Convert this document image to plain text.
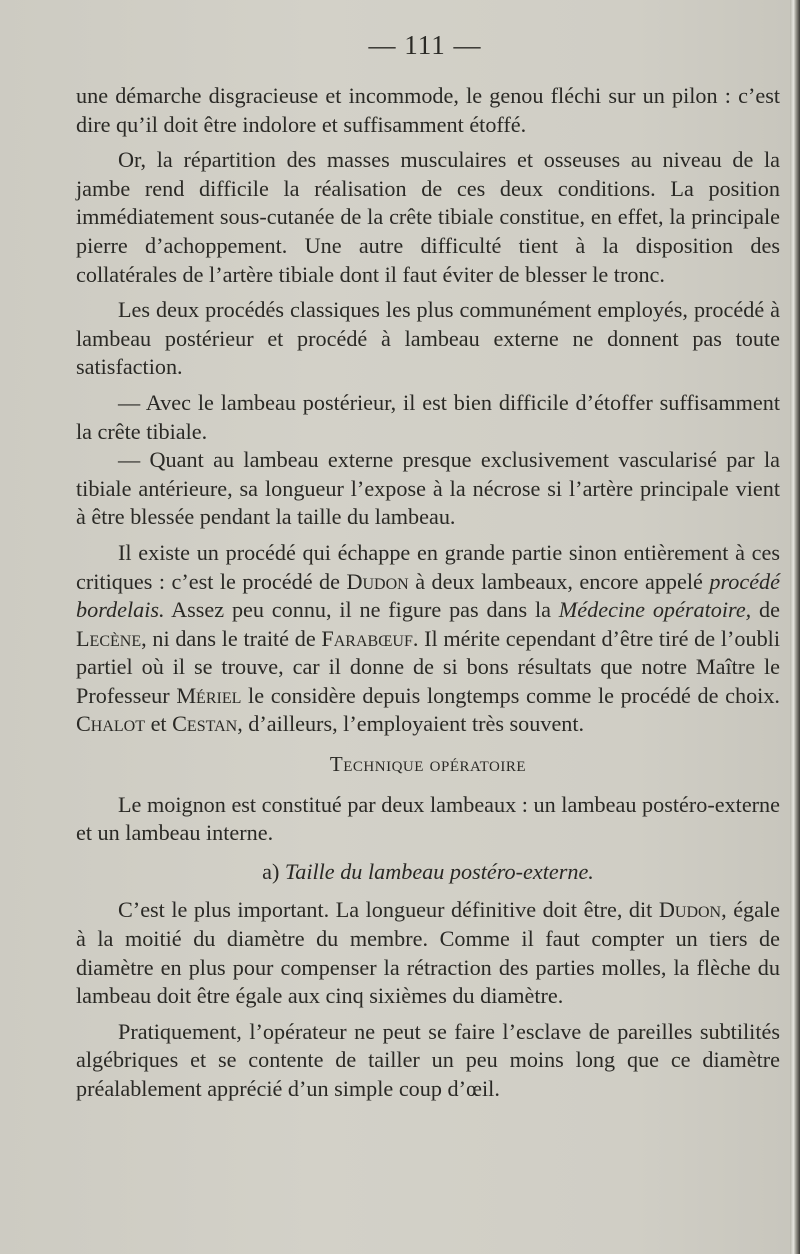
— 111 —

une démarche disgracieuse et incommode, le genou fléchi sur un pilon : c’est dire qu’il doit être indolore et suffisamment étoffé.

Or, la répartition des masses musculaires et osseuses au niveau de la jambe rend difficile la réalisation de ces deux conditions. La position immédiatement sous-cutanée de la crête tibiale constitue, en effet, la principale pierre d’achoppement. Une autre difficulté tient à la disposition des collatérales de l’artère tibiale dont il faut éviter de blesser le tronc.

Les deux procédés classiques les plus communément employés, procédé à lambeau postérieur et procédé à lambeau externe ne donnent pas toute satisfaction.

— Avec le lambeau postérieur, il est bien difficile d’étoffer suffisamment la crête tibiale.

— Quant au lambeau externe presque exclusivement vascularisé par la tibiale antérieure, sa longueur l’expose à la nécrose si l’artère principale vient à être blessée pendant la taille du lambeau.

Il existe un procédé qui échappe en grande partie sinon entièrement à ces critiques : c’est le procédé de Dudon à deux lambeaux, encore appelé procédé bordelais. Assez peu connu, il ne figure pas dans la Médecine opératoire, de Lecène, ni dans le traité de Farabœuf. Il mérite cependant d’être tiré de l’oubli partiel où il se trouve, car il donne de si bons résultats que notre Maître le Professeur Mériel le considère depuis longtemps comme le procédé de choix. Chalot et Cestan, d’ailleurs, l’employaient très souvent.

Technique opératoire

Le moignon est constitué par deux lambeaux : un lambeau postéro-externe et un lambeau interne.

a) Taille du lambeau postéro-externe.

C’est le plus important. La longueur définitive doit être, dit Dudon, égale à la moitié du diamètre du membre. Comme il faut compter un tiers de diamètre en plus pour compenser la rétraction des parties molles, la flèche du lambeau doit être égale aux cinq sixièmes du diamètre.

Pratiquement, l’opérateur ne peut se faire l’esclave de pareilles subtilités algébriques et se contente de tailler un peu moins long que ce diamètre préalablement apprécié d’un simple coup d’œil.
